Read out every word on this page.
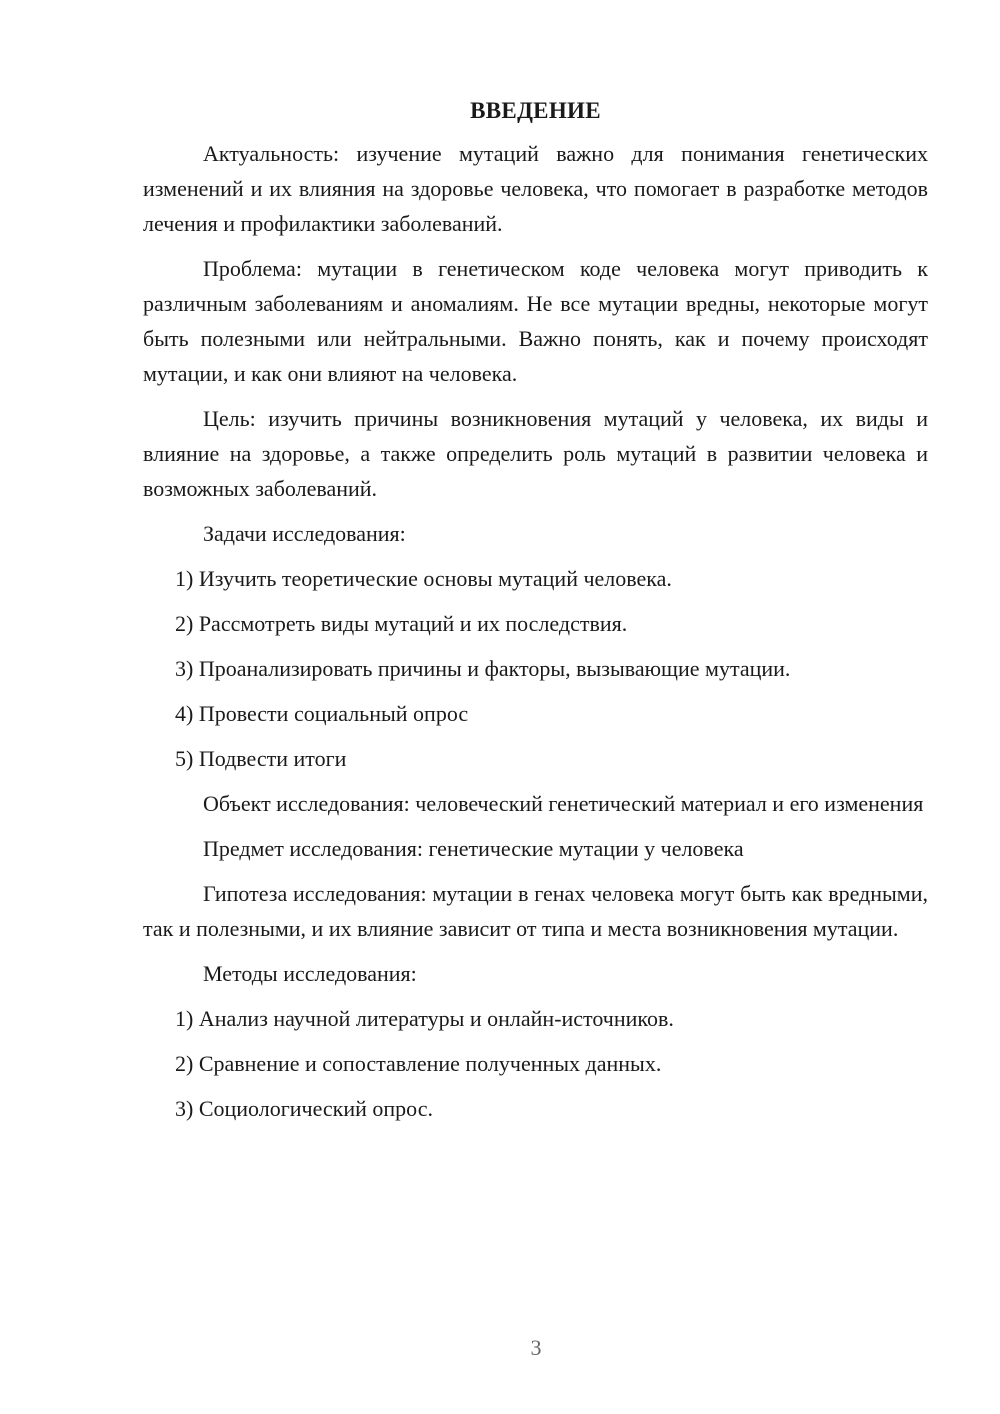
ВВЕДЕНИЕ

Актуальность: изучение мутаций важно для понимания генетических изменений и их влияния на здоровье человека, что помогает в разработке методов лечения и профилактики заболеваний.

Проблема: мутации в генетическом коде человека могут приводить к различным заболеваниям и аномалиям. Не все мутации вредны, некоторые могут быть полезными или нейтральными. Важно понять, как и почему происходят мутации, и как они влияют на человека.

Цель: изучить причины возникновения мутаций у человека, их виды и влияние на здоровье, а также определить роль мутаций в развитии человека и возможных заболеваний.

Задачи исследования:
1) Изучить теоретические основы мутаций человека.
2) Рассмотреть виды мутаций и их последствия.
3) Проанализировать причины и факторы, вызывающие мутации.
4) Провести социальный опрос
5) Подвести итоги

Объект исследования: человеческий генетический материал и его изменения

Предмет исследования: генетические мутации у человека

Гипотеза исследования: мутации в генах человека могут быть как вредными, так и полезными, и их влияние зависит от типа и места возникновения мутации.

Методы исследования:
1) Анализ научной литературы и онлайн-источников.
2) Сравнение и сопоставление полученных данных.
3) Социологический опрос.
3
